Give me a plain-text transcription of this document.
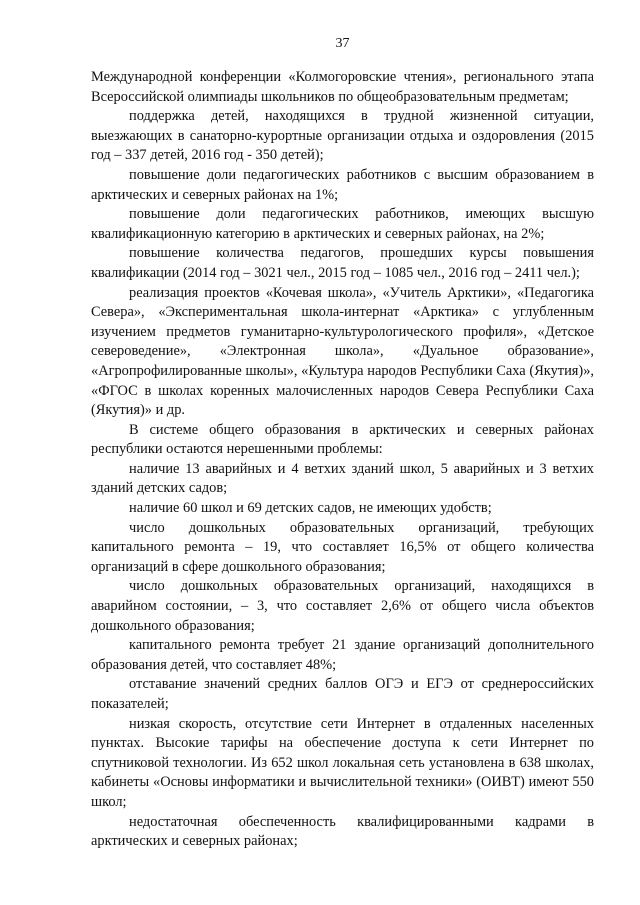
37

Международной конференции «Колмогоровские чтения», регионального этапа Всероссийской олимпиады школьников по общеобразовательным предметам;

поддержка детей, находящихся в трудной жизненной ситуации, выезжающих в санаторно-курортные организации отдыха и оздоровления (2015 год – 337 детей, 2016 год - 350 детей);

повышение доли педагогических работников с высшим образованием в арктических и северных районах на 1%;

повышение доли педагогических работников, имеющих высшую квалификационную категорию в арктических и северных районах, на 2%;

повышение количества педагогов, прошедших курсы повышения квалификации (2014 год – 3021 чел., 2015 год – 1085 чел., 2016 год – 2411 чел.);

реализация проектов «Кочевая школа», «Учитель Арктики», «Педагогика Севера», «Экспериментальная школа-интернат «Арктика» с углубленным изучением предметов гуманитарно-культурологического профиля», «Детское североведение», «Электронная школа», «Дуальное образование», «Агропрофилированные школы», «Культура народов Республики Саха (Якутия)», «ФГОС в школах коренных малочисленных народов Севера Республики Саха (Якутия)» и др.

В системе общего образования в арктических и северных районах республики остаются нерешенными проблемы:

наличие 13 аварийных и 4 ветхих зданий школ, 5 аварийных и 3 ветхих зданий детских садов;

наличие 60 школ и 69 детских садов, не имеющих удобств;

число дошкольных образовательных организаций, требующих капитального ремонта – 19, что составляет 16,5% от общего количества организаций в сфере дошкольного образования;

число дошкольных образовательных организаций, находящихся в аварийном состоянии, – 3, что составляет 2,6% от общего числа объектов дошкольного образования;

капитального ремонта требует 21 здание организаций дополнительного образования детей, что составляет 48%;

отставание значений средних баллов ОГЭ и ЕГЭ от среднероссийских показателей;

низкая скорость, отсутствие сети Интернет в отдаленных населенных пунктах. Высокие тарифы на обеспечение доступа к сети Интернет по спутниковой технологии. Из 652 школ локальная сеть установлена в 638 школах, кабинеты «Основы информатики и вычислительной техники» (ОИВТ) имеют 550 школ;

недостаточная обеспеченность квалифицированными кадрами в арктических и северных районах;
